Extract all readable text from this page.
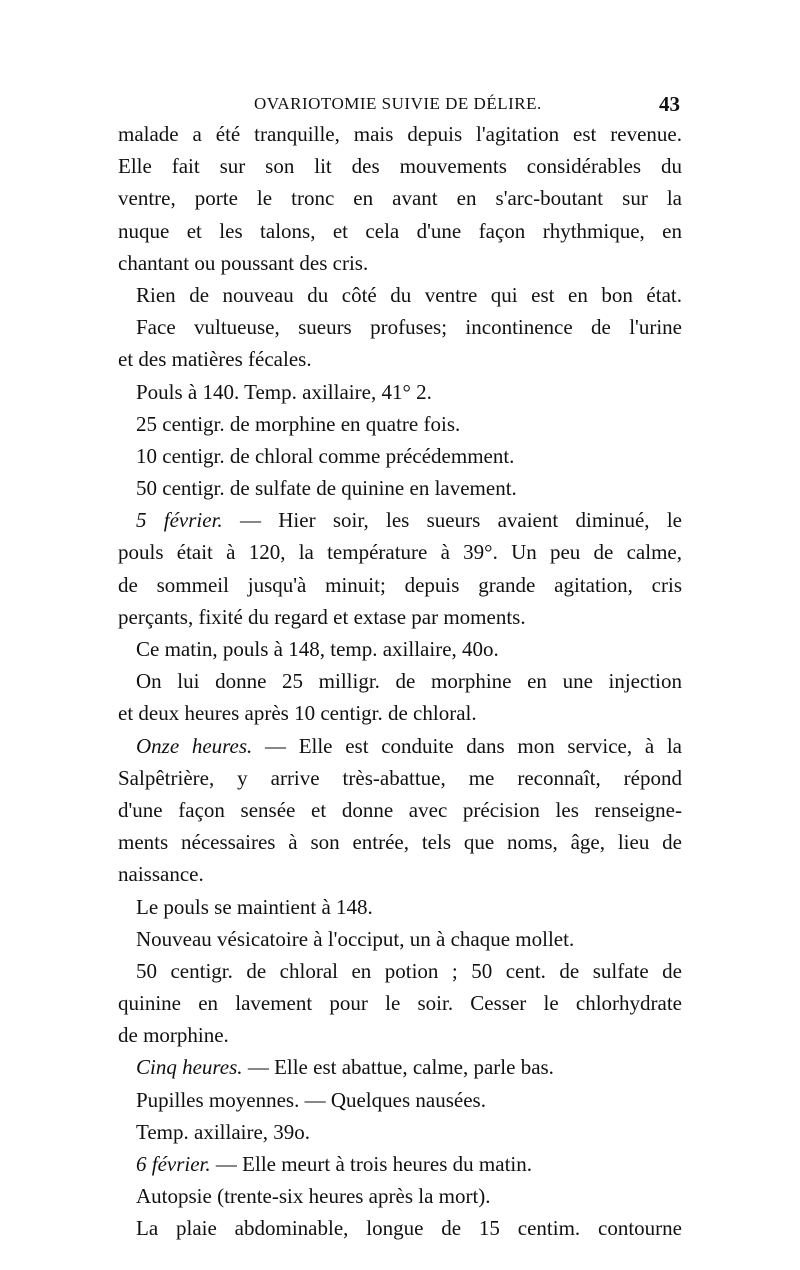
OVARIOTOMIE SUIVIE DE DÉLIRE.	43
malade a été tranquille, mais depuis l'agitation est revenue.
Elle fait sur son lit des mouvements considérables du
ventre, porte le tronc en avant en s'arc-boutant sur la
nuque et les talons, et cela d'une façon rhythmique, en
chantant ou poussant des cris.
Rien de nouveau du côté du ventre qui est en bon état.
Face vultueuse, sueurs profuses; incontinence de l'urine
et des matières fécales.
Pouls à 140. Temp. axillaire, 41° 2.
25 centigr. de morphine en quatre fois.
10 centigr. de chloral comme précédemment.
50 centigr. de sulfate de quinine en lavement.
5 février. — Hier soir, les sueurs avaient diminué, le
pouls était à 120, la température à 39°. Un peu de calme,
de sommeil jusqu'à minuit; depuis grande agitation, cris
perçants, fixité du regard et extase par moments.
Ce matin, pouls à 148, temp. axillaire, 40o.
On lui donne 25 milligr. de morphine en une injection
et deux heures après 10 centigr. de chloral.
Onze heures. — Elle est conduite dans mon service, à la
Salpêtrière, y arrive très-abattue, me reconnaît, répond
d'une façon sensée et donne avec précision les renseigne-
ments nécessaires à son entrée, tels que noms, âge, lieu de
naissance.
Le pouls se maintient à 148.
Nouveau vésicatoire à l'occiput, un à chaque mollet.
50 centigr. de chloral en potion ; 50 cent. de sulfate de
quinine en lavement pour le soir. Cesser le chlorhydrate
de morphine.
Cinq heures. — Elle est abattue, calme, parle bas.
Pupilles moyennes. — Quelques nausées.
Temp. axillaire, 39o.
6 février. — Elle meurt à trois heures du matin.
Autopsie (trente-six heures après la mort).
La plaie abdominable, longue de 15 centim. contourne
